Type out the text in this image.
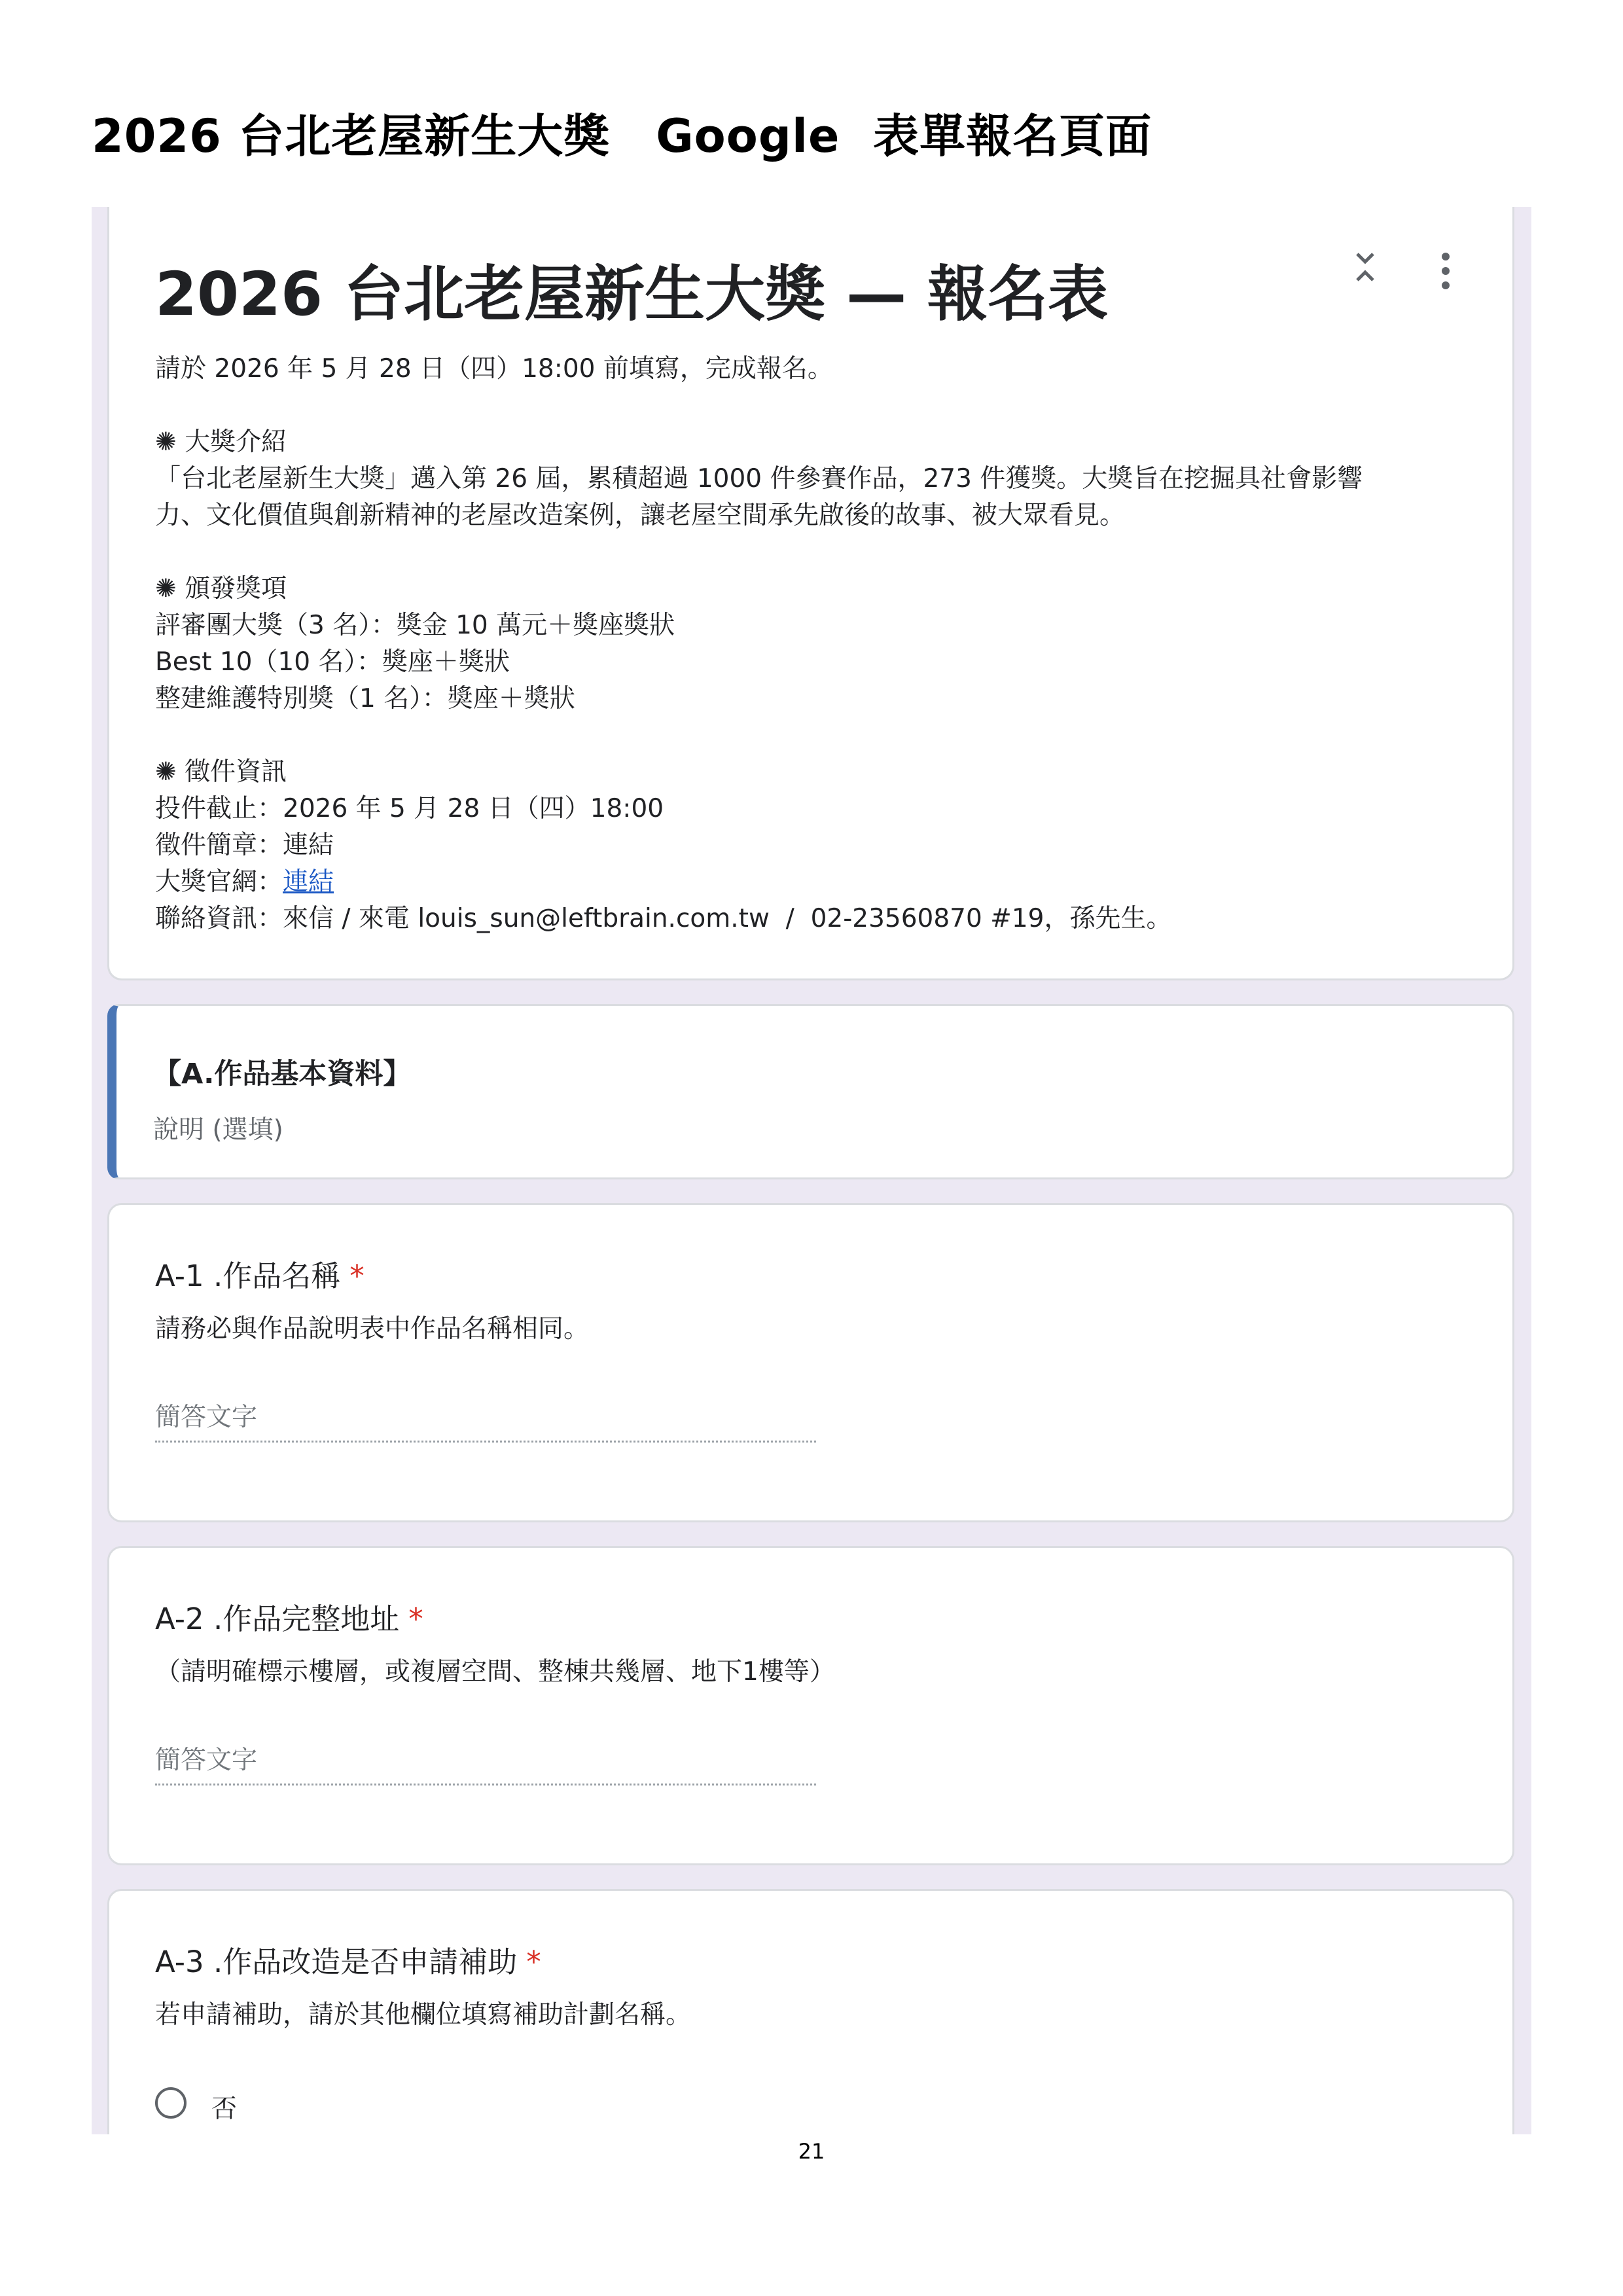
2026 台北老屋新生大獎 Google  表單報名頁面
2026 台北老屋新生大獎 — 報名表
請於 2026 年 5 月 28 日（四）18:00 前填寫，完成報名。
✺ 大獎介紹
「台北老屋新生大獎」邁入第 26 屆，累積超過 1000 件參賽作品，273 件獲獎。大獎旨在挖掘具社會影響
力、文化價值與創新精神的老屋改造案例，讓老屋空間承先啟後的故事、被大眾看見。
✺ 頒發獎項
評審團大獎（3 名）：獎金 10 萬元＋獎座獎狀
Best 10（10 名）：獎座＋獎狀
整建維護特別獎（1 名）：獎座＋獎狀
✺ 徵件資訊
投件截止：2026 年 5 月 28 日（四）18:00
徵件簡章：連結
大獎官網：連結
聯絡資訊：來信 / 來電 louis_sun@leftbrain.com.tw  /  02-23560870 #19，孫先生。
【A.作品基本資料】
說明 (選填)
A-1 .作品名稱 *
請務必與作品說明表中作品名稱相同。
簡答文字
A-2 .作品完整地址 *
（請明確標示樓層，或複層空間、整棟共幾層、地下1樓等）
簡答文字
A-3 .作品改造是否申請補助 *
若申請補助，請於其他欄位填寫補助計劃名稱。
否
21
